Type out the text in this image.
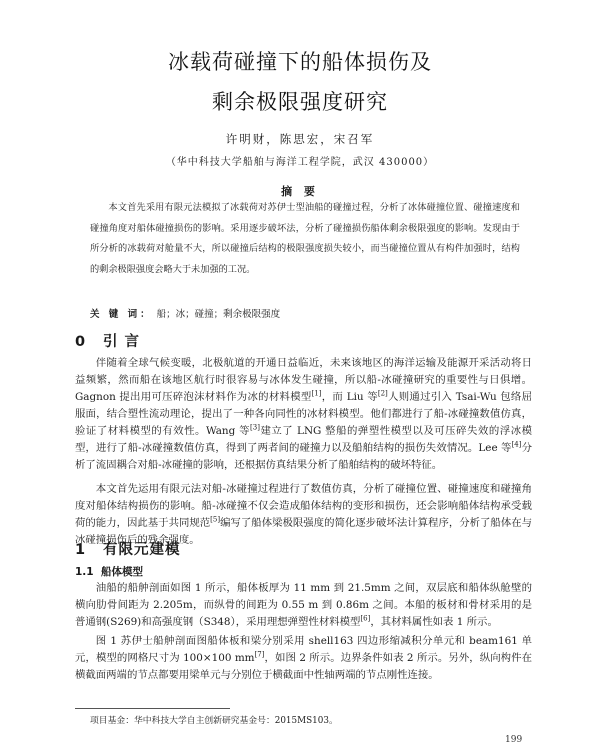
冰载荷碰撞下的船体损伤及
剩余极限强度研究
许明财，陈思宏，宋召军
（华中科技大学船舶与海洋工程学院，武汉 430000）
摘 要
本文首先采用有限元法模拟了冰载荷对苏伊士型油船的碰撞过程，分析了冰体碰撞位置、碰撞速度和碰撞角度对船体碰撞损伤的影响。采用逐步破坏法，分析了碰撞损伤船体剩余极限强度的影响。发现由于所分析的冰载荷对舱量不大，所以碰撞后结构的极限强度损失较小，而当碰撞位置从有构件加强时，结构的剩余极限强度会略大于未加强的工况。
关 键 词： 船；冰；碰撞；剩余极限强度
0 引 言
伴随着全球气候变暖，北极航道的开通日益临近，未来该地区的海洋运输及能源开采活动将日益频繁，然而船在该地区航行时很容易与冰体发生碰撞，所以船-冰碰撞研究的重要性与日俱增。Gagnon 提出用可压碎泡沫材料作为冰的材料模型[1]，而 Liu 等[2]人则通过引入 Tsai-Wu 包络屈服面，结合塑性流动理论，提出了一种各向同性的冰材料模型。他们都进行了船-冰碰撞数值仿真，验证了材料模型的有效性。Wang 等[3]建立了 LNG 整船的弹塑性模型以及可压碎失效的浮冰模型，进行了船-冰碰撞数值仿真，得到了两者间的碰撞力以及船舶结构的损伤失效情况。Lee 等[4]分析了流固耦合对船-冰碰撞的影响，还根据仿真结果分析了船舶结构的破坏特征。
本文首先运用有限元法对船-冰碰撞过程进行了数值仿真，分析了碰撞位置、碰撞速度和碰撞角度对船体结构损伤的影响。船-冰碰撞不仅会造成船体结构的变形和损伤，还会影响船体结构承受载荷的能力，因此基于共同规范[5]编写了船体梁极限强度的简化逐步破坏法计算程序，分析了船体在与冰碰撞损伤后的残余强度。
1 有限元建模
1.1 船体模型
油船的船舯剖面如图 1 所示，船体板厚为 11 mm 到 21.5mm 之间，双层底和船体纵舱壁的横向肋骨间距为 2.205m，而纵骨的间距为 0.55 m 到 0.86m 之间。本船的板材和骨材采用的是普通钢(S269)和高强度钢（S348），采用理想弹塑性材料模型[6]，其材料属性如表 1 所示。
图 1 苏伊士船舯剖面图船体板和梁分别采用 shell163 四边形缩减积分单元和 beam161 单元，模型的网格尺寸为 100×100 mm[7]，如图 2 所示。边界条件如表 2 所示。另外，纵向构件在横截面两端的节点都要用梁单元与分别位于横截面中性轴两端的节点刚性连接。
项目基金：华中科技大学自主创新研究基金号：2015MS103。
199
